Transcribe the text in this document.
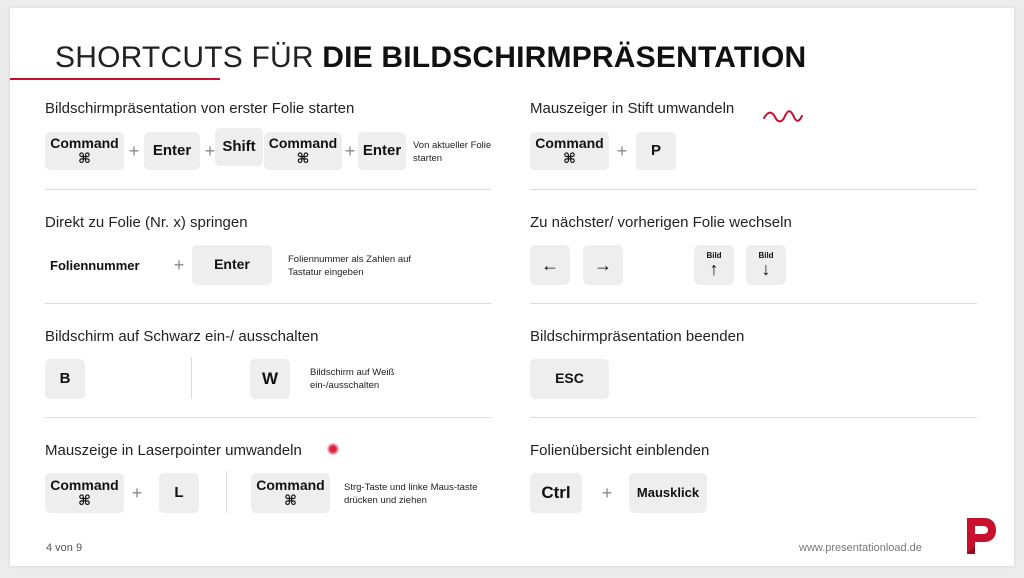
SHORTCUTS FÜR DIE BILDSCHIRMPRÄSENTATION
Bildschirmpräsentation von erster Folie starten
Command
⌘ + Enter + Shift Command
⌘ + Enter Von aktueller Folie starten
Mauszeiger in Stift umwandeln
Command
⌘ + P
Direkt zu Folie (Nr. x) springen
Foliennummer + Enter	Foliennummer als Zahlen auf Tastatur eingeben
Zu nächster/ vorherigen Folie wechseln
← →	Bild
↑
Bild
↓
Bildschirm auf Schwarz ein-/ ausschalten
B	W	Bildschirm auf Weiß ein-/ausschalten
Bildschirmpräsentation beenden
ESC
Mauszeige in Laserpointer umwandeln
Command
⌘ + L	Command
⌘
Strg-Taste und linke Maus-taste drücken und ziehen
Folienübersicht einblenden
Ctrl + Mausklick
4 von 9	www.presentationload.de
